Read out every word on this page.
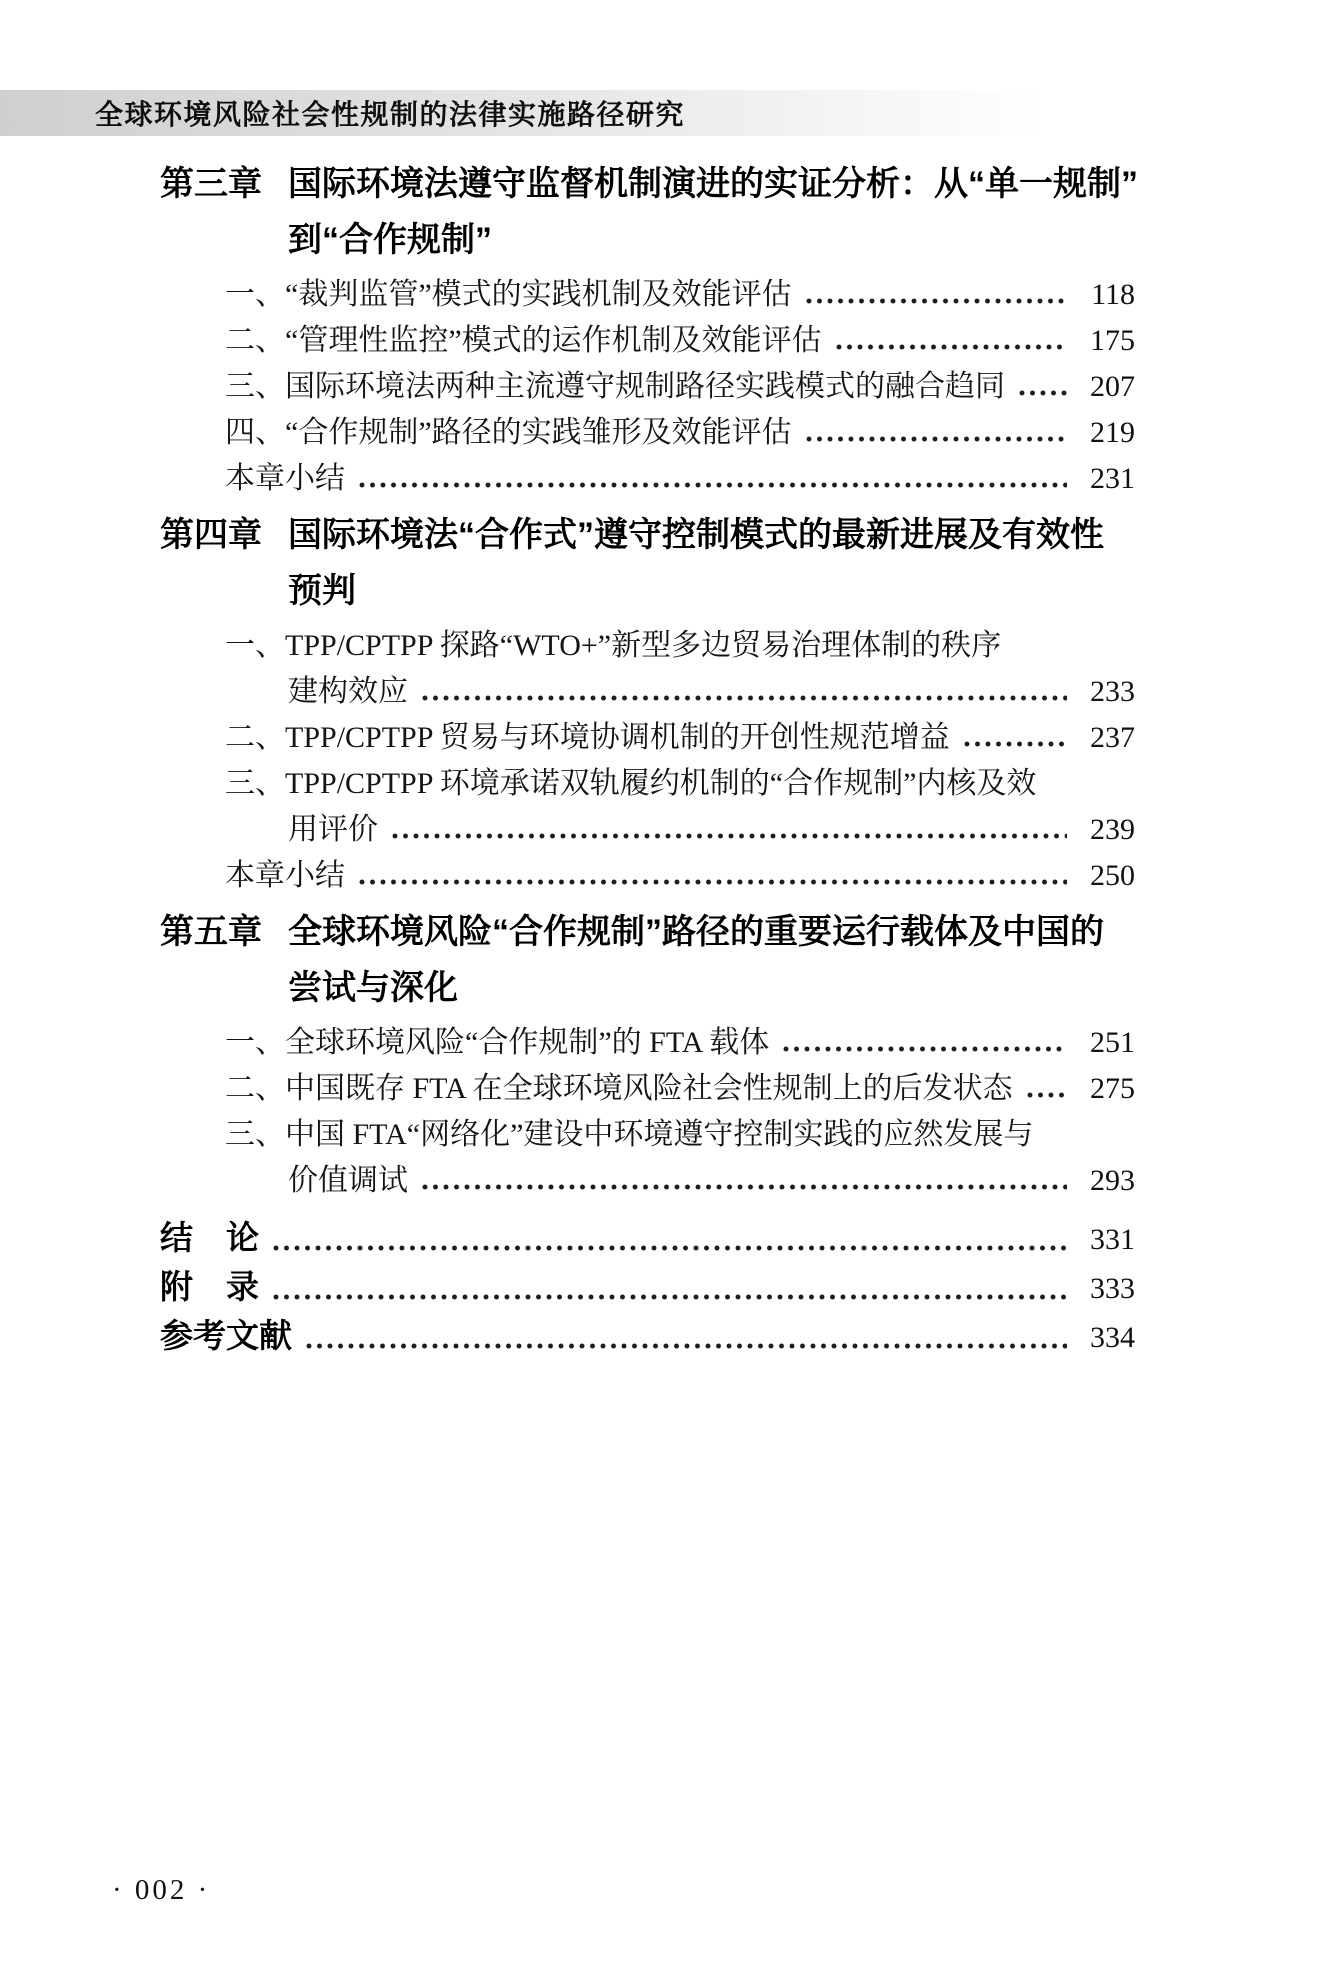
全球环境风险社会性规制的法律实施路径研究
第三章 国际环境法遵守监督机制演进的实证分析：从“单一规制”
到“合作规制”
一、“裁判监管”模式的实践机制及效能评估	118
二、“管理性监控”模式的运作机制及效能评估	175
三、国际环境法两种主流遵守规制路径实践模式的融合趋同	207
四、“合作规制”路径的实践雏形及效能评估	219
本章小结	231
第四章 国际环境法“合作式”遵守控制模式的最新进展及有效性
预判
一、TPP/CPTPP 探路“WTO+”新型多边贸易治理体制的秩序
建构效应	233
二、TPP/CPTPP 贸易与环境协调机制的开创性规范增益	237
三、TPP/CPTPP 环境承诺双轨履约机制的“合作规制”内核及效
用评价	239
本章小结	250
第五章 全球环境风险“合作规制”路径的重要运行载体及中国的
尝试与深化
一、全球环境风险“合作规制”的 FTA 载体	251
二、中国既存 FTA 在全球环境风险社会性规制上的后发状态	275
三、中国 FTA“网络化”建设中环境遵守控制实践的应然发展与
价值调试	293
结　论	331
附　录	333
参考文献	334
· 002 ·
